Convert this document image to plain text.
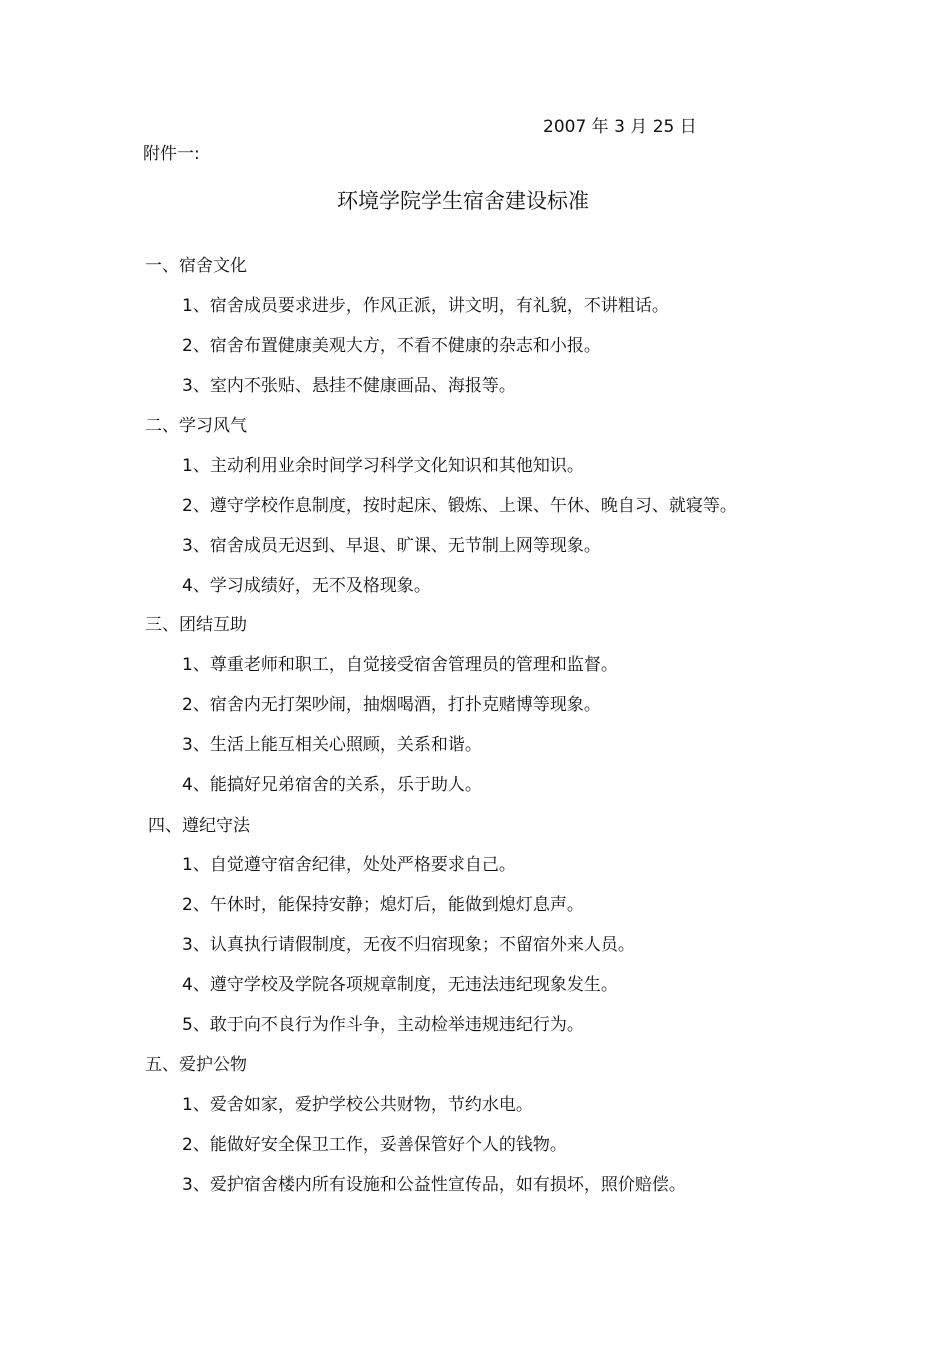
2007 年 3 月 25 日
附件一:
环境学院学生宿舍建设标准
一、宿舍文化
1、宿舍成员要求进步，作风正派，讲文明，有礼貌，不讲粗话。
2、宿舍布置健康美观大方，不看不健康的杂志和小报。
3、室内不张贴、悬挂不健康画品、海报等。
二、学习风气
1、主动利用业余时间学习科学文化知识和其他知识。
2、遵守学校作息制度，按时起床、锻炼、上课、午休、晚自习、就寝等。
3、宿舍成员无迟到、早退、旷课、无节制上网等现象。
4、学习成绩好，无不及格现象。
三、团结互助
1、尊重老师和职工，自觉接受宿舍管理员的管理和监督。
2、宿舍内无打架吵闹，抽烟喝酒，打扑克赌博等现象。
3、生活上能互相关心照顾，关系和谐。
4、能搞好兄弟宿舍的关系，乐于助人。
四、遵纪守法
1、自觉遵守宿舍纪律，处处严格要求自己。
2、午休时，能保持安静；熄灯后，能做到熄灯息声。
3、认真执行请假制度，无夜不归宿现象；不留宿外来人员。
4、遵守学校及学院各项规章制度，无违法违纪现象发生。
5、敢于向不良行为作斗争，主动检举违规违纪行为。
五、爱护公物
1、爱舍如家，爱护学校公共财物，节约水电。
2、能做好安全保卫工作，妥善保管好个人的钱物。
3、爱护宿舍楼内所有设施和公益性宣传品，如有损坏，照价赔偿。
